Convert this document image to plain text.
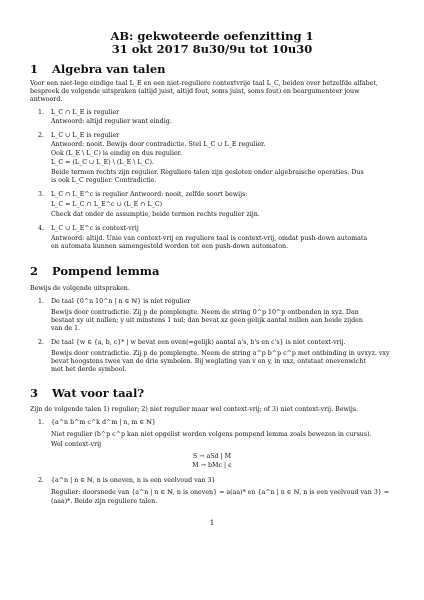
AB: gekwoteerde oefenzitting 1
31 okt 2017 8u30/9u tot 10u30
1 Algebra van talen
Voor een niet-lege eindige taal L_E en een niet-reguliere contextvrije taal L_C, beiden over hetzelfde alfabet,
bespreek de volgende uitspraken (altijd juist, altijd fout, soms juist, soms fout) en beargumenteer jouw
antwoord.
1. L_C ∩ L_E is regulier
Antwoord: altijd regulier want eindig.
2. L_C ∪ L_E is regulier
Antwoord: nooit. Bewijs door contradictie. Stel L_C ∪ L_E regulier.
Ook (L_E \ L_C) is eindig en dus regulier.
L_C = (L_C ∪ L_E) \ (L_E \ L_C).
Beide termen rechts zijn regulier. Reguliere talen zijn gesloten onder algebraische operaties. Dus
is ook L_C regulier. Contradictie.
3. L_C ∩ L_E^c is regulier Antwoord: nooit, zelfde soort bewijs:
L_C = L_C ∩ L_E^c ∪ (L_E ∩ L_C)
Check dat onder de assumptie, beide termen rechts regulier zijn.
4. L_C ∪ L_E^c is context-vrij
Antwoord: altijd. Unie van context-vrij en reguliere taal is context-vrij, omdat push-down automata
en automata kunnen samengesteld worden tot een push-down automaton.
2 Pompend lemma
Bewijs de volgende uitspraken.
1. De taal {0^n 10^n | n ∈ ℕ} is niet regulier
Bewijs door contradictie. Zij p de pomplengte. Neem de string 0^p 10^p ontbonden in xyz. Dan
bestaat xy uit nullen; y uit minstens 1 nul; dan bevat xz geen gelijk aantal nullen aan beide zijden
van de 1.
2. De taal {w ∈ {a, b, c}* | w bevat een even(=gelijk) aantal a's, b's en c's} is niet context-vrij.
Bewijs door contradictie. Zij p de pomplengte. Neem de string a^p b^p c^p met ontbinding in uvxyz. vxy
bevat hoogstens twee van de drie symbolen. Bij weglating van v en y, in uxz, ontstaat onevenwicht
met het derde symbool.
3 Wat voor taal?
Zijn de volgende talen 1) regulier; 2) niet regulier maar wel context-vrij; of 3) niet context-vrij. Bewijs.
1. {a^n b^m c^k d^m | n, m ∈ ℕ}
Niet regulier (b^p c^p kan niet opgelist worden volgens pompend lemma zoals bewezen in cursus).
Wel context-vrij
S → aSd | M
M → bMc | ϵ
2. {a^n | n ∈ ℕ, n is oneven, n is een veelvoud van 3}
Regulier: doorsnede van {a^n | n ∈ ℕ, n is oneven} = a(aa)* en {a^n | n ∈ ℕ, n is een veelvoud van 3} =
(aaa)*. Beide zijn reguliere talen.
1
